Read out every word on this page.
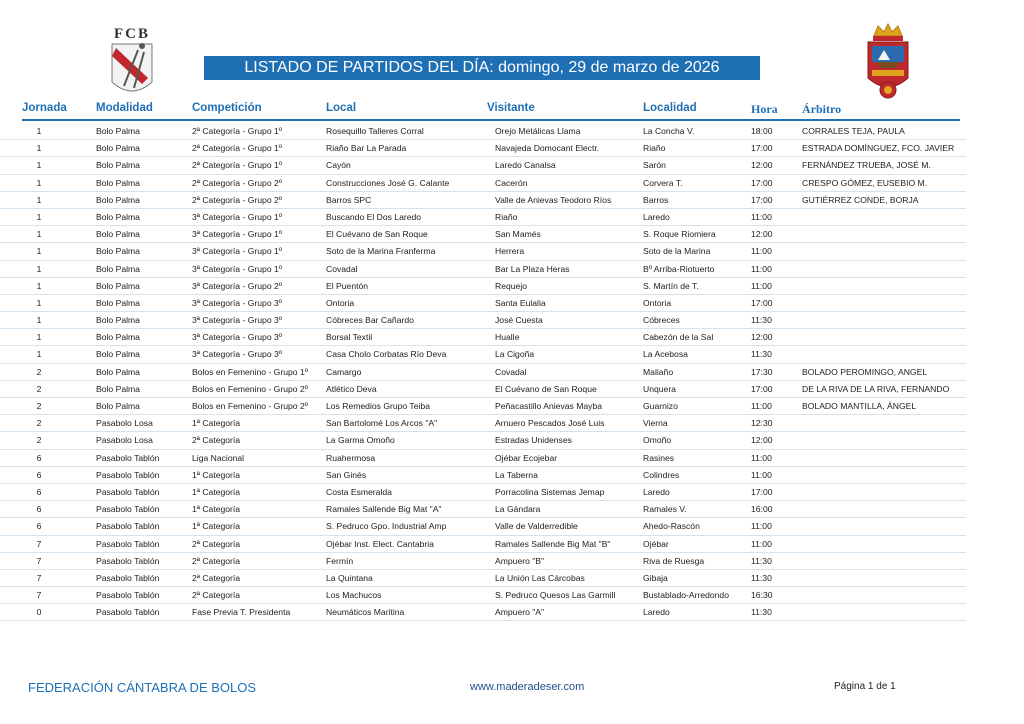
FCB
LISTADO DE PARTIDOS DEL DÍA: domingo, 29 de marzo de 2026
Jornada	Modalidad	Competición	Local	Visitante	Localidad	Hora Árbitro
1	Bolo Palma	2ª Categoría - Grupo 1º	Rosequillo Talleres Corral	Orejo Metálicas Llama	La Concha V.	18:00	CORRALES TEJA, PAULA
1	Bolo Palma	2ª Categoría - Grupo 1º	Riaño Bar La Parada	Navajeda Domocant Electr.	Riaño	17:00	ESTRADA DOMÍNGUEZ, FCO. JAVIER
1	Bolo Palma	2ª Categoría - Grupo 1º	Cayón	Laredo Canalsa	Sarón	12:00	FERNÁNDEZ TRUEBA, JOSÉ M.
1	Bolo Palma	2ª Categoría - Grupo 2º	Construcciones José G. Calante	Cacerón	Corvera T.	17:00	CRESPO GÓMEZ, EUSEBIO M.
1	Bolo Palma	2ª Categoría - Grupo 2º	Barros SPC	Valle de Anievas Teodoro Ríos	Barros	17:00	GUTIÉRREZ CONDE, BORJA
1	Bolo Palma	3ª Categoría - Grupo 1º	Buscando El Dos Laredo	Riaño	Laredo	11:00
1	Bolo Palma	3ª Categoría - Grupo 1º	El Cuévano de San Roque	San Mamés	S. Roque Riomiera	12:00
1	Bolo Palma	3ª Categoría - Grupo 1º	Soto de la Marina Franferma	Herrera	Soto de la Marina	11:00
1	Bolo Palma	3ª Categoría - Grupo 1º	Covadal	Bar La Plaza Heras	Bº Arriba-Riotuerto	11:00
1	Bolo Palma	3ª Categoría - Grupo 2º	El Puentón	Requejo	S. Martín de T.	11:00
1	Bolo Palma	3ª Categoría - Grupo 3º	Ontoria	Santa Eulalia	Ontoria	17:00
1	Bolo Palma	3ª Categoría - Grupo 3º	Cóbreces Bar Cañardo	José Cuesta	Cóbreces	11:30
1	Bolo Palma	3ª Categoría - Grupo 3º	Borsal Textil	Hualle	Cabezón de la Sal	12:00
1	Bolo Palma	3ª Categoría - Grupo 3º	Casa Cholo Corbatas Río Deva	La Cigoña	La Acebosa	11:30
2	Bolo Palma	Bolos en Femenino - Grupo 1º	Camargo	Covadal	Maliaño	17:30	BOLADO PEROMINGO, ANGEL
2	Bolo Palma	Bolos en Femenino - Grupo 2º	Atlético Deva	El Cuévano de San Roque	Unquera	17:00	DE LA RIVA DE LA RIVA, FERNANDO
2	Bolo Palma	Bolos en Femenino - Grupo 2º	Los Remedios Grupo Teiba	Peñacastillo Anievas Mayba	Guarnizo	11:00	BOLADO MANTILLA, ÁNGEL
2	Pasabolo Losa	1ª Categoría	San Bartolomé Los Arcos "A"	Arnuero Pescados José Luis	Vierna	12:30
2	Pasabolo Losa	2ª Categoría	La Garma Omoño	Estradas Unidenses	Omoño	12:00
6	Pasabolo Tablón	Liga Nacional	Ruahermosa	Ojébar Ecojebar	Rasines	11:00
6	Pasabolo Tablón	1ª Categoría	San Ginés	La Taberna	Colindres	11:00
6	Pasabolo Tablón	1ª Categoría	Costa Esmeralda	Porracolina Sistemas Jemap	Laredo	17:00
6	Pasabolo Tablón	1ª Categoría	Ramales Sallende Big Mat "A"	La Gándara	Ramales V.	16:00
6	Pasabolo Tablón	1ª Categoría	S. Pedruco Gpo. Industrial Amp	Valle de Valderredible	Ahedo-Rascón	11:00
7	Pasabolo Tablón	2ª Categoría	Ojébar Inst. Elect. Cantabria	Ramales Sallende Big Mat "B"	Ojébar	11:00
7	Pasabolo Tablón	2ª Categoría	Fermín	Ampuero "B"	Riva de Ruesga	11:30
7	Pasabolo Tablón	2ª Categoría	La Quintana	La Unión Las Cárcobas	Gibaja	11:30
7	Pasabolo Tablón	2ª Categoría	Los Machucos	S. Pedruco Quesos Las Garmill	Bustablado-Arredondo	16:30
0	Pasabolo Tablón	Fase Previa T. Presidenta	Neumáticos Maritina	Ampuero "A"	Laredo	11:30
FEDERACIÓN CÁNTABRA DE BOLOS	www.maderadeser.com	Página 1 de 1
